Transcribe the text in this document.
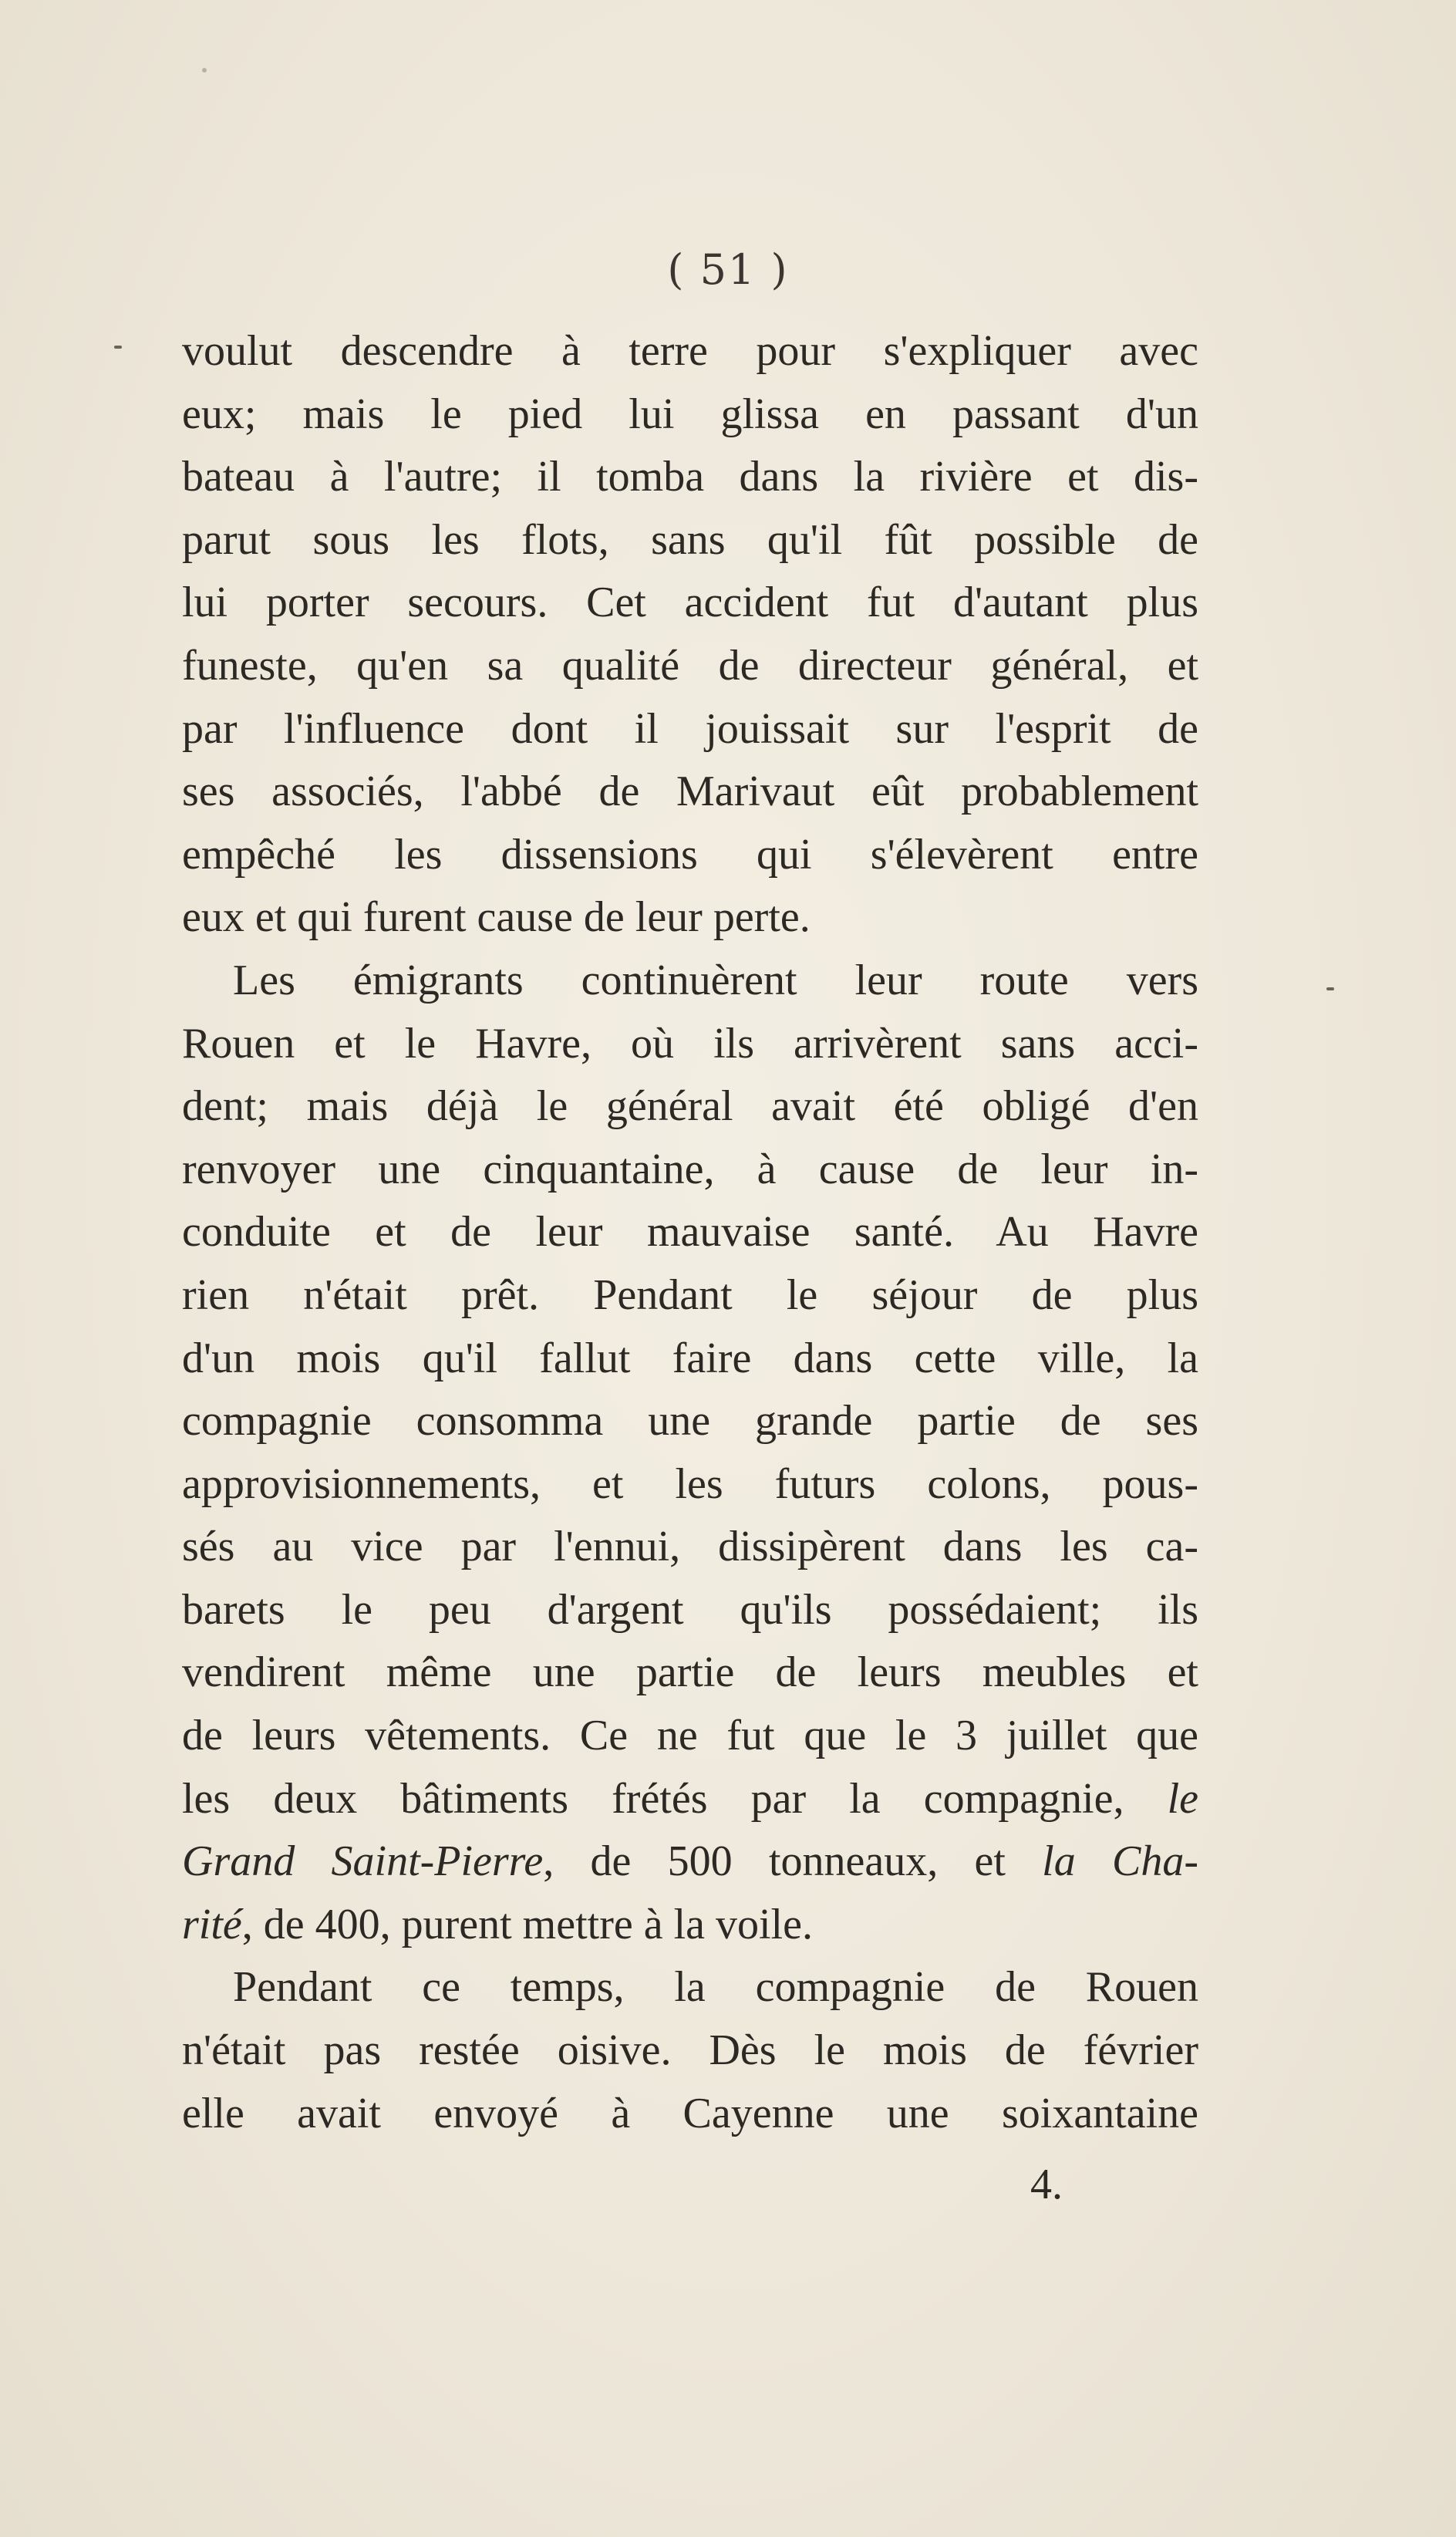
( 51 )
voulut descendre à terre pour s'expliquer avec
eux; mais le pied lui glissa en passant d'un
bateau à l'autre; il tomba dans la rivière et dis-
parut sous les flots, sans qu'il fût possible de
lui porter secours. Cet accident fut d'autant plus
funeste, qu'en sa qualité de directeur général, et
par l'influence dont il jouissait sur l'esprit de
ses associés, l'abbé de Marivaut eût probablement
empêché les dissensions qui s'élevèrent entre
eux et qui furent cause de leur perte.
Les émigrants continuèrent leur route vers
Rouen et le Havre, où ils arrivèrent sans acci-
dent; mais déjà le général avait été obligé d'en
renvoyer une cinquantaine, à cause de leur in-
conduite et de leur mauvaise santé. Au Havre
rien n'était prêt. Pendant le séjour de plus
d'un mois qu'il fallut faire dans cette ville, la
compagnie consomma une grande partie de ses
approvisionnements, et les futurs colons, pous-
sés au vice par l'ennui, dissipèrent dans les ca-
barets le peu d'argent qu'ils possédaient; ils
vendirent même une partie de leurs meubles et
de leurs vêtements. Ce ne fut que le 3 juillet que
les deux bâtiments frétés par la compagnie, le
Grand Saint-Pierre, de 500 tonneaux, et la Cha-
rité, de 400, purent mettre à la voile.
Pendant ce temps, la compagnie de Rouen
n'était pas restée oisive. Dès le mois de février
elle avait envoyé à Cayenne une soixantaine
4.
